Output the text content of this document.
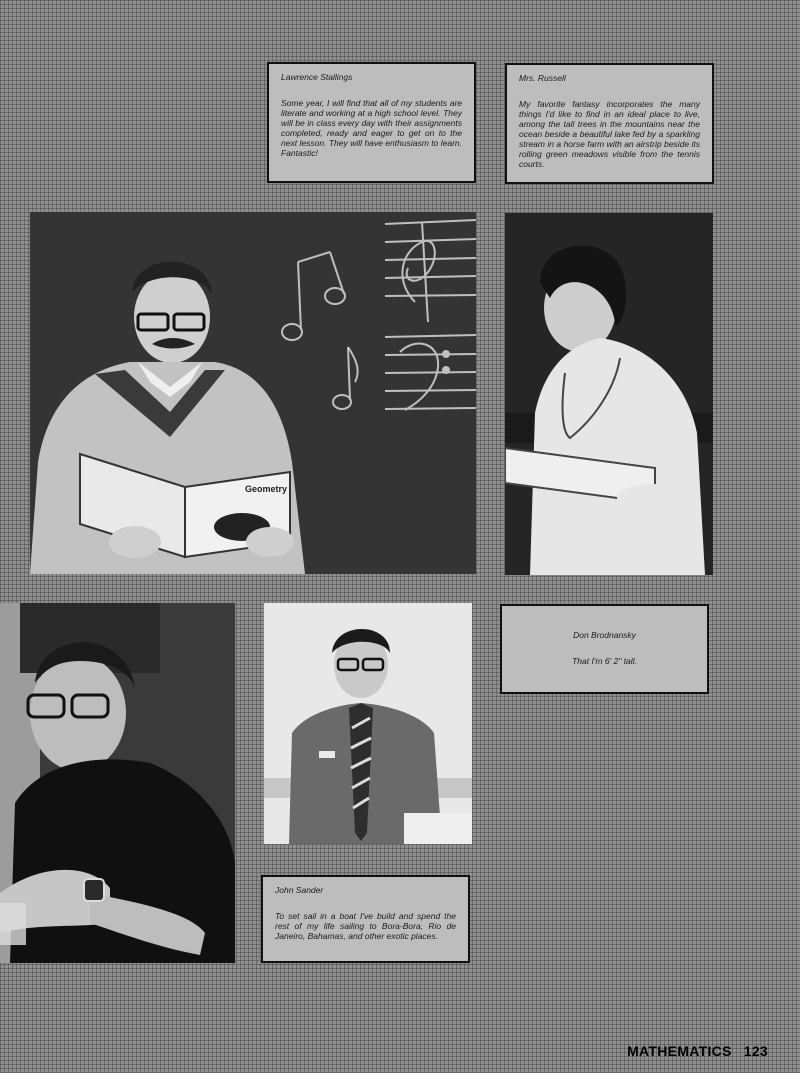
Lawrence Stallings
Some year, I will find that all of my students are literate and working at a high school level. They will be in class every day with their assignments completed, ready and eager to get on to the next lesson. They will have enthusiasm to learn. Fantastic!
Mrs. Russell
My favorite fantasy incorporates the many things I'd like to find in an ideal place to live, among the tall trees in the mountains near the ocean beside a beautiful lake fed by a sparkling stream in a horse farm with an airstrip beside its rolling green meadows visible from the tennis courts.
Geometry
Don Brodnansky
That I'm 6' 2" tall.
John Sander
To set sail in a boat I've build and spend the rest of my life sailing to Bora-Bora, Rio de Janeiro, Bahamas, and other exotic places.
MATHEMATICS 123
